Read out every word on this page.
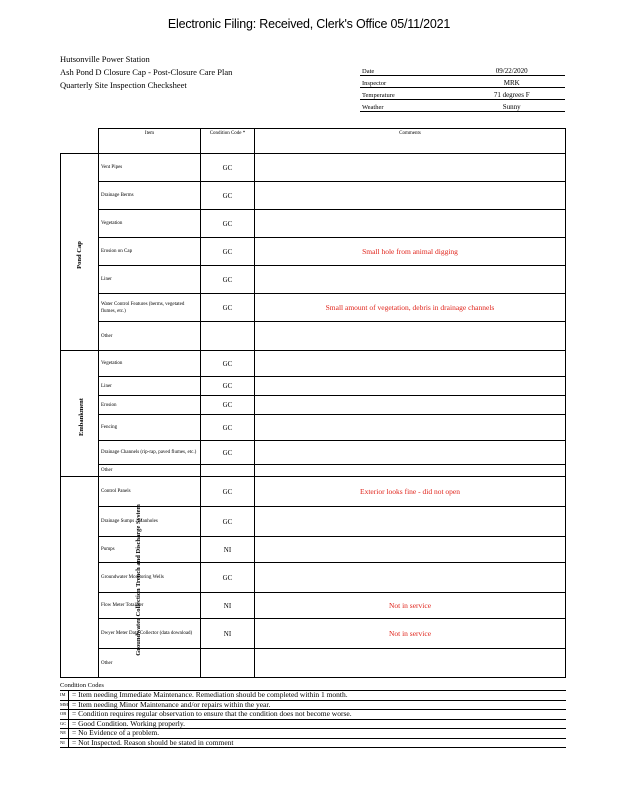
Electronic Filing: Received, Clerk's Office 05/11/2021
Hutsonville Power Station
Ash Pond D Closure Cap - Post-Closure Care Plan
Quarterly Site Inspection Checksheet
Date	09/22/2020
Inspector	MRK
Temperature	71 degrees F
Weather	Sunny
	Item	Condition Code *	Comments
Pond Cap	Vent Pipes	GC	
	Drainage Berms	GC	
	Vegetation	GC	
	Erosion on Cap	GC	Small hole from animal digging
	Liner	GC	
	Water Control Features (berms, vegetated flumes, etc.)	GC	Small amount of vegetation, debris in drainage channels
	Other		
Embankment	Vegetation	GC	
	Liner	GC	
	Erosion	GC	
	Fencing	GC	
	Drainage Channels (rip-rap, paved flumes, etc.)	GC	
	Other		
Groundwater Collection Trench and Discharge System	Control Panels	GC	Exterior looks fine - did not open
	Drainage Sumps / Manholes	GC	
	Pumps	NI	
	Groundwater Monitoring Wells	GC	
	Flow Meter Totalizer	NI	Not in service
	Dwyer Meter Data Collector (data download)	NI	Not in service
	Other		
Condition Codes
IM	= Item needing Immediate Maintenance. Remediation should be completed within 1 month.
MM	= Item needing Minor Maintenance and/or repairs within the year.
OB	= Condition requires regular observation to ensure that the condition does not become worse.
GC	= Good Condition. Working properly.
NE	= No Evidence of a problem.
NI	= Not Inspected. Reason should be stated in comment
